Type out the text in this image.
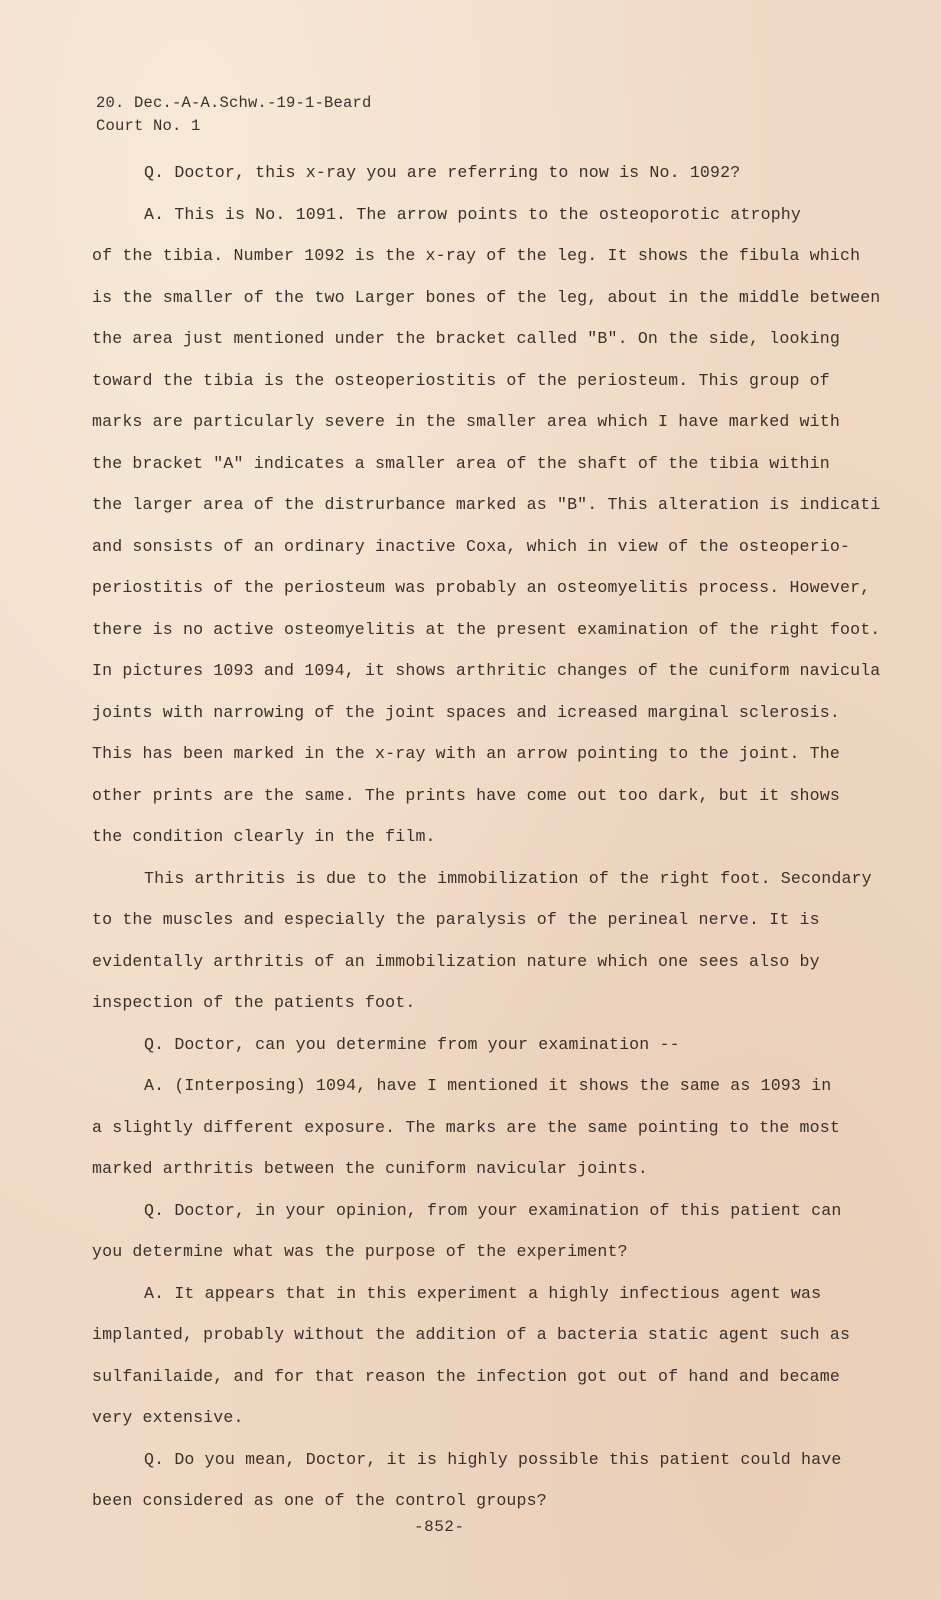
20. Dec.-A-A.Schw.-19-1-Beard
Court No. 1
Q. Doctor, this x-ray you are referring to now is No. 1092?
A. This is No. 1091. The arrow points to the osteoporotic atrophy
of the tibia. Number 1092 is the x-ray of the leg. It shows the fibula which
is the smaller of the two Larger bones of the leg, about in the middle between
the area just mentioned under the bracket called "B". On the side, looking
toward the tibia is the osteoperiostitis of the periosteum. This group of
marks are particularly severe in the smaller area which I have marked with
the bracket "A" indicates a smaller area of the shaft of the tibia within
the larger area of the distrurbance marked as "B". This alteration is indicati
and sonsists of an ordinary inactive Coxa, which in view of the osteoperio-
periostitis of the periosteum was probably an osteomyelitis process. However,
there is no active osteomyelitis at the present examination of the right foot.
In pictures 1093 and 1094, it shows arthritic changes of the cuniform navicula
joints with narrowing of the joint spaces and icreased marginal sclerosis.
This has been marked in the x-ray with an arrow pointing to the joint. The
other prints are the same. The prints have come out too dark, but it shows
the condition clearly in the film.
This arthritis is due to the immobilization of the right foot. Secondary
to the muscles and especially the paralysis of the perineal nerve. It is
evidentally arthritis of an immobilization nature which one sees also by
inspection of the patients foot.
Q. Doctor, can you determine from your examination --
A. (Interposing) 1094, have I mentioned it shows the same as 1093 in
a slightly different exposure. The marks are the same pointing to the most
marked arthritis between the cuniform navicular joints.
Q. Doctor, in your opinion, from your examination of this patient can
you determine what was the purpose of the experiment?
A. It appears that in this experiment a highly infectious agent was
implanted, probably without the addition of a bacteria static agent such as
sulfanilaide, and for that reason the infection got out of hand and became
very extensive.
Q. Do you mean, Doctor, it is highly possible this patient could have
been considered as one of the control groups?
-852-
